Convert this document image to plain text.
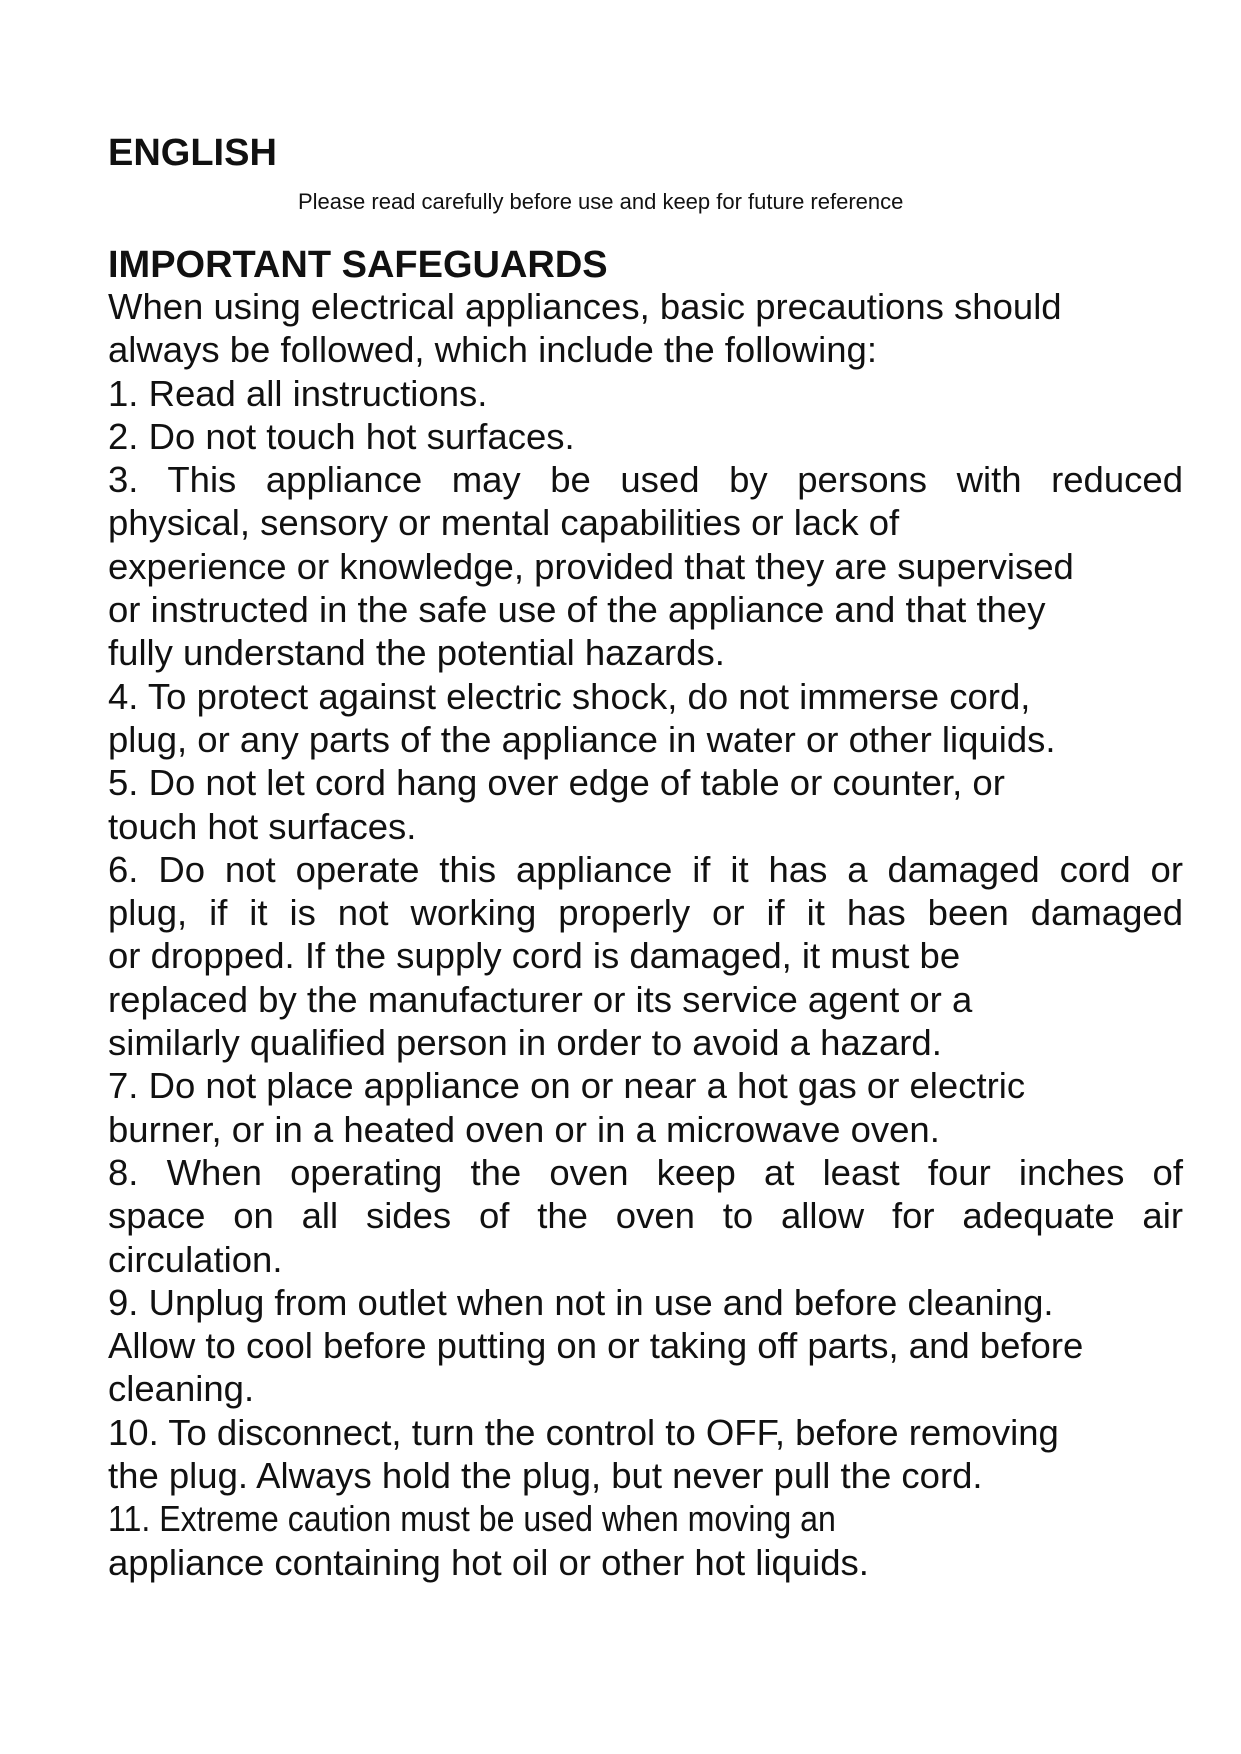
ENGLISH

Please read carefully before use and keep for future reference

IMPORTANT SAFEGUARDS

When using electrical appliances, basic precautions should
always be followed, which include the following:

1. Read all instructions.

2. Do not touch hot surfaces.

3. This appliance may be used by persons with reduced
physical, sensory or mental capabilities or lack of
experience or knowledge, provided that they are supervised
or instructed in the safe use of the appliance and that they
fully understand the potential hazards.

4. To protect against electric shock, do not immerse cord,
plug, or any parts of the appliance in water or other liquids.

5. Do not let cord hang over edge of table or counter, or
touch hot surfaces.

6. Do not operate this appliance if it has a damaged cord or
plug, if it is not working properly or if it has been damaged
or dropped. If the supply cord is damaged, it must be
replaced by the manufacturer or its service agent or a
similarly qualified person in order to avoid a hazard.

7. Do not place appliance on or near a hot gas or electric
burner, or in a heated oven or in a microwave oven.

8. When operating the oven keep at least four inches of
space on all sides of the oven to allow for adequate air
circulation.

9. Unplug from outlet when not in use and before cleaning.
Allow to cool before putting on or taking off parts, and before
cleaning.

10. To disconnect, turn the control to OFF, before removing
the plug. Always hold the plug, but never pull the cord.

11. Extreme caution must be used when moving an
appliance containing hot oil or other hot liquids.
